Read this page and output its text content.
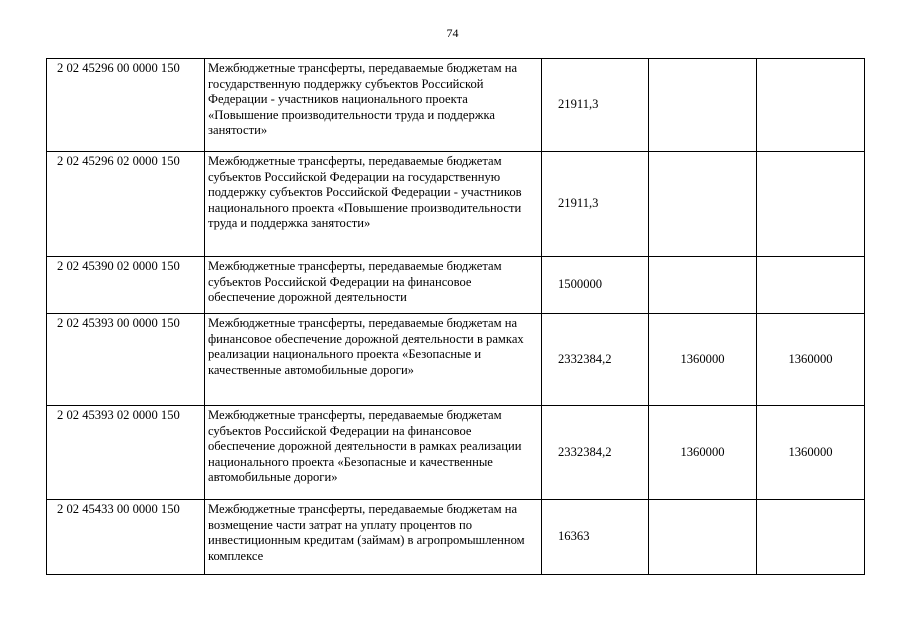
74
2 02 45296 00 0000 150	Межбюджетные трансферты, передаваемые бюджетам на государственную поддержку субъектов Российской Федерации - участников национального проекта «Повышение производительности труда и поддержка занятости»	21911,3		
2 02 45296 02 0000 150	Межбюджетные трансферты, передаваемые бюджетам субъектов Российской Федерации на государственную поддержку субъектов Российской Федерации - участников национального проекта «Повышение производительности труда и поддержка занятости»	21911,3		
2 02 45390 02 0000 150	Межбюджетные трансферты, передаваемые бюджетам субъектов Российской Федерации на финансовое обеспечение дорожной деятельности	1500000		
2 02 45393 00 0000 150	Межбюджетные трансферты, передаваемые бюджетам на финансовое обеспечение дорожной деятельности в рамках реализации национального проекта «Безопасные и качественные автомобильные дороги»	2332384,2	1360000	1360000
2 02 45393 02 0000 150	Межбюджетные трансферты, передаваемые бюджетам субъектов Российской Федерации на финансовое обеспечение дорожной деятельности в рамках реализации национального проекта «Безопасные и качественные автомобильные дороги»	2332384,2	1360000	1360000
2 02 45433 00 0000 150	Межбюджетные трансферты, передаваемые бюджетам на возмещение части затрат на уплату процентов по инвестиционным кредитам (займам) в агропромышленном комплексе	16363		
